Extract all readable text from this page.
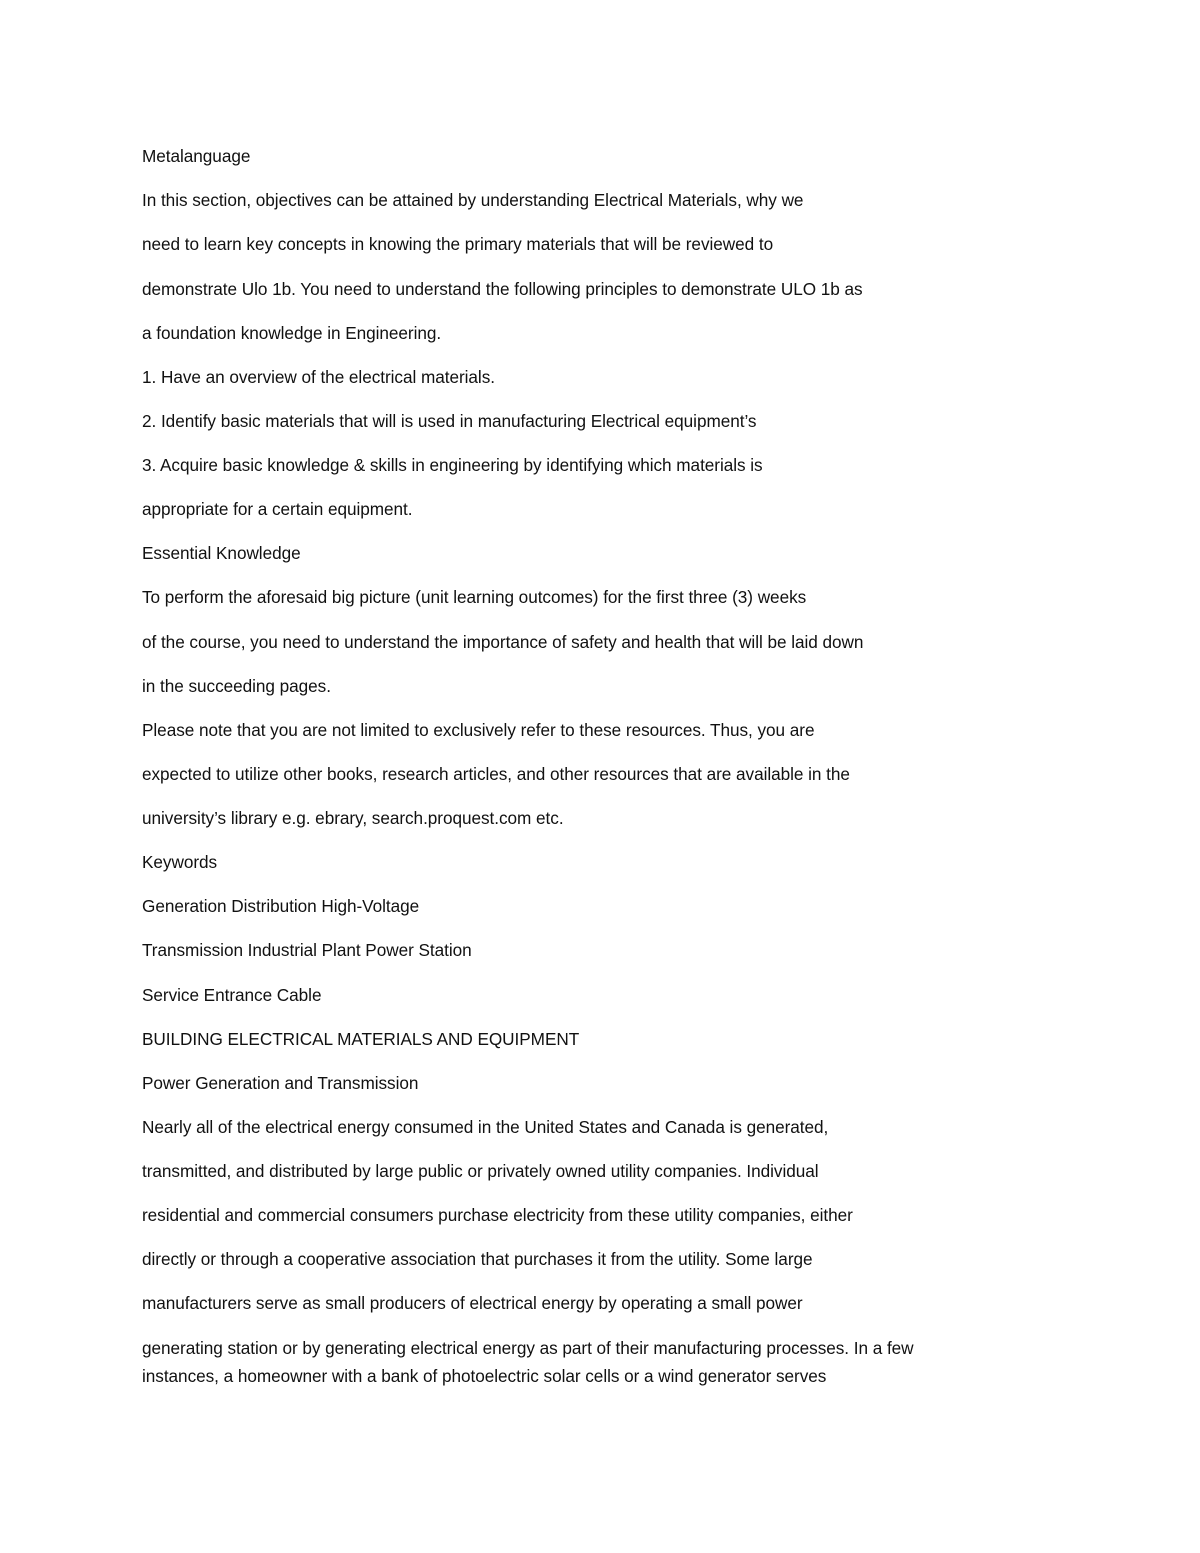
Metalanguage

In this section, objectives can be attained by understanding Electrical Materials, why we

need to learn key concepts in knowing the primary materials that will be reviewed to

demonstrate Ulo 1b. You need to understand the following principles to demonstrate ULO 1b as

a foundation knowledge in Engineering.

1. Have an overview of the electrical materials.

2. Identify basic materials that will is used in manufacturing Electrical equipment’s

3. Acquire basic knowledge & skills in engineering by identifying which materials is

appropriate for a certain equipment.

Essential Knowledge

To perform the aforesaid big picture (unit learning outcomes) for the first three (3) weeks

of the course, you need to understand the importance of safety and health that will be laid down

in the succeeding pages.

Please note that you are not limited to exclusively refer to these resources. Thus, you are

expected to utilize other books, research articles, and other resources that are available in the

university’s library e.g. ebrary, search.proquest.com etc.

Keywords

Generation Distribution High-Voltage

Transmission Industrial Plant Power Station

Service Entrance Cable

BUILDING ELECTRICAL MATERIALS AND EQUIPMENT

Power Generation and Transmission

Nearly all of the electrical energy consumed in the United States and Canada is generated,

transmitted, and distributed by large public or privately owned utility companies. Individual

residential and commercial consumers purchase electricity from these utility companies, either

directly or through a cooperative association that purchases it from the utility. Some large

manufacturers serve as small producers of electrical energy by operating a small power

generating station or by generating electrical energy as part of their manufacturing processes. In a few

instances, a homeowner with a bank of photoelectric solar cells or a wind generator serves
